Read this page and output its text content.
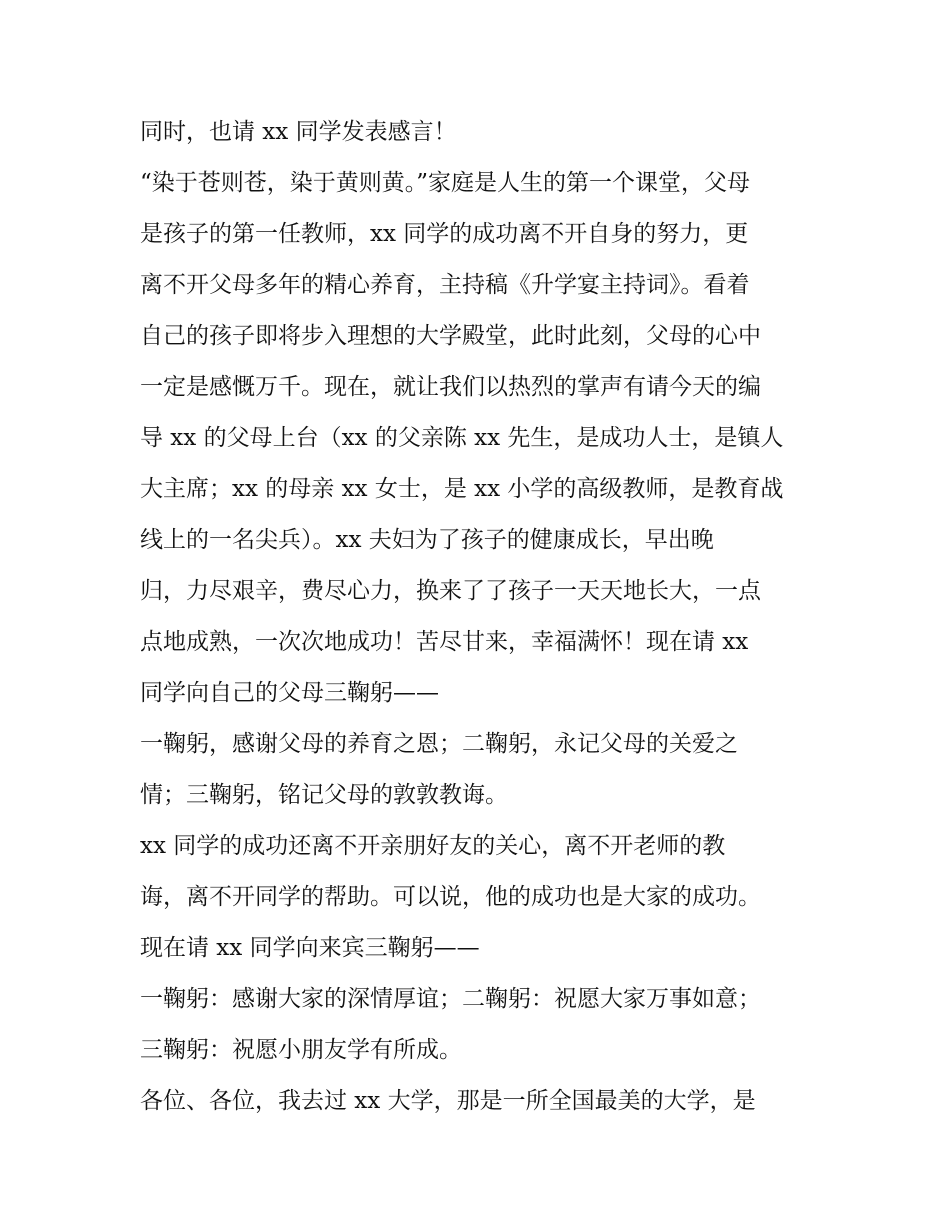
同时，也请 xx 同学发表感言！
“染于苍则苍，染于黄则黄。”家庭是人生的第一个课堂，父母
是孩子的第一任教师，xx 同学的成功离不开自身的努力，更
离不开父母多年的精心养育，主持稿《升学宴主持词》。看着
自己的孩子即将步入理想的大学殿堂，此时此刻，父母的心中
一定是感慨万千。现在，就让我们以热烈的掌声有请今天的编
导 xx 的父母上台（xx 的父亲陈 xx 先生，是成功人士，是镇人
大主席；xx 的母亲 xx 女士，是 xx 小学的高级教师，是教育战
线上的一名尖兵）。xx 夫妇为了孩子的健康成长，早出晚
归，力尽艰辛，费尽心力，换来了了孩子一天天地长大，一点
点地成熟，一次次地成功！苦尽甘来，幸福满怀！现在请 xx
同学向自己的父母三鞠躬——
一鞠躬，感谢父母的养育之恩；二鞠躬，永记父母的关爱之
情；三鞠躬，铭记父母的敦敦教诲。
xx 同学的成功还离不开亲朋好友的关心，离不开老师的教
诲，离不开同学的帮助。可以说，他的成功也是大家的成功。
现在请 xx 同学向来宾三鞠躬——
一鞠躬：感谢大家的深情厚谊；二鞠躬：祝愿大家万事如意；
三鞠躬：祝愿小朋友学有所成。
各位、各位，我去过 xx 大学，那是一所全国最美的大学，是
